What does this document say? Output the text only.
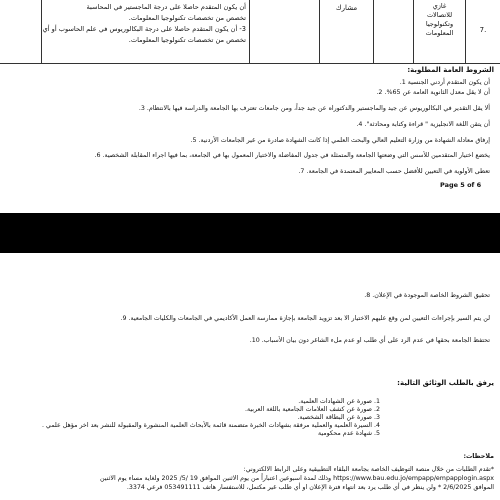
أن يكون المتقدم حاصلا على درجة الماجستير في المحاسبة
تخصص من تخصصات تكنولوجيا المعلومات.
3- أن يكون المتقدم حاصلا على درجة البكالوريوس في علم الحاسوب أو أي
تخصص من تخصصات تكنولوجيا المعلومات.
مشارك	غازي
للاتصالات
وتكنولوجيا
المعلومات	7.
الشروط العامة المطلوبة:
أن يكون المتقدم أردني الجنسية 1.
أن لا يقل معدل الثانوية العامة عن 65%. 2.
ألا يقل التقدير في البكالوريوس عن جيد والماجستير والدكتوراه عن جيد جداً، ومن جامعات تعترف بها الجامعة والدراسة فيها بالانتظام. 3.
أن يتقن اللغة الانجليزية " قراءة وكتابة ومحادثة". 4.
إرفاق معادلة الشهادة من وزارة التعليم العالي والبحث العلمي إذا كانت الشهادة صادرة من غير الجامعات الأردنية. 5.
يخضع اختيار المتقدمين للأسس التي وضعتها الجامعة والمتمثلة في جدول المفاضلة والاختيار المعمول بها في الجامعة، بما فيها اجراء المقابلة الشخصية. 6.
تعطى الأولوية في التعيين للأفضل حسب المعايير المعتمدة في الجامعة. 7.
Page 5 of 6
تحقيق الشروط الخاصة الموجودة في الإعلان. 8.
لن يتم السير بإجراءات التعيين لمن وقع عليهم الاختيار الا بعد تزويد الجامعة بإجازة ممارسة العمل الأكاديمي في الجامعات والكليات الجامعية. 9.
تحتفظ الجامعة بحقها في عدم الرد على أي طلب او عدم ملء الشاغر دون بيان الأسباب. 10.
يرفق بالطلب الوثائق التالية:
1. صورة عن الشهادات العلمية.
2. صورة عن كشف العلامات الجامعية باللغة العربية.
3. صورة عن البطاقة الشخصية.
4. السيرة العلمية والعملية مرفقة بشهادات الخبرة متضمنة قائمة بالأبحاث العلمية المنشورة والمقبولة للنشر بعد اخر مؤهل علمي .
5. شهادة عدم محكومية
ملاحظات:
*تقدم الطلبات من خلال منصة التوظيف الخاصة بجامعة البلقاء التطبيقية وعلى الرابط الالكتروني:
https://www.bau.edu.jo/empapp/empapplogin.aspx وذلك لمدة اسبوعين اعتباراً من يوم الاثنين الموافق 19 /5/ 2025 ولغاية مساء يوم الاثنين
الموافق 2/6/2025 * ولن ينظر في أي طلب يرد بعد انتهاء فترة الإعلان او أي طلب غير مكتمل، للاستفسار هاتف 053491111 فرعي 3374.
